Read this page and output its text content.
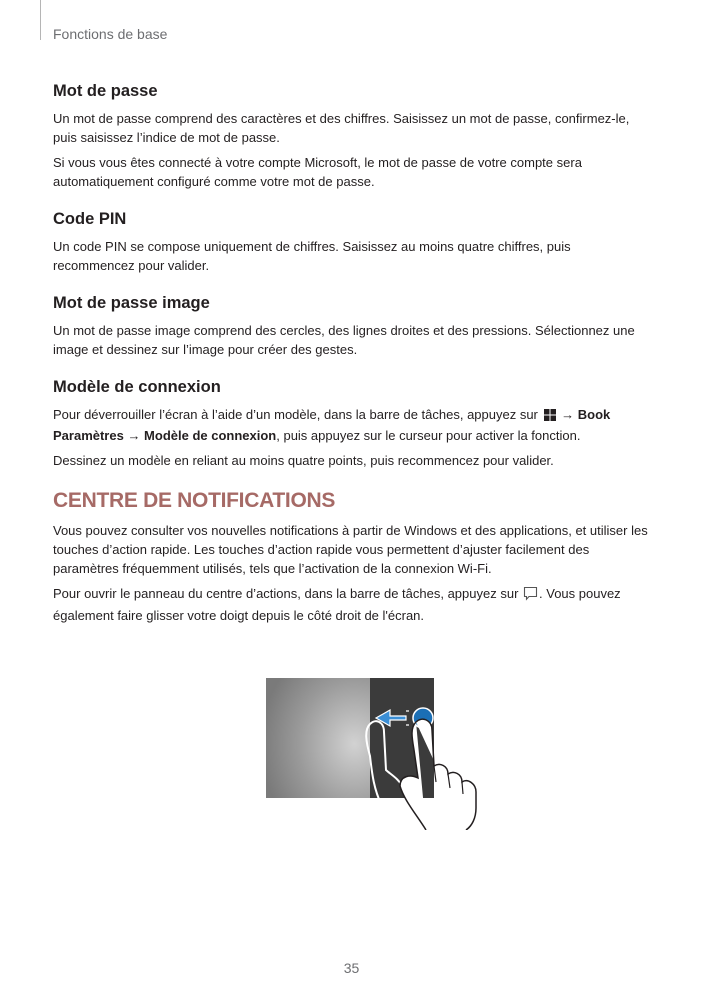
Fonctions de base
Mot de passe

Un mot de passe comprend des caractères et des chiffres. Saisissez un mot de passe, confirmez-le, puis saisissez l’indice de mot de passe.

Si vous vous êtes connecté à votre compte Microsoft, le mot de passe de votre compte sera automatiquement configuré comme votre mot de passe.

Code PIN

Un code PIN se compose uniquement de chiffres. Saisissez au moins quatre chiffres, puis recommencez pour valider.

Mot de passe image

Un mot de passe image comprend des cercles, des lignes droites et des pressions. Sélectionnez une image et dessinez sur l’image pour créer des gestes.

Modèle de connexion

Pour déverrouiller l’écran à l’aide d’un modèle, dans la barre de tâches, appuyez sur  → Book Paramètres → Modèle de connexion, puis appuyez sur le curseur pour activer la fonction.

Dessinez un modèle en reliant au moins quatre points, puis recommencez pour valider.

CENTRE DE NOTIFICATIONS

Vous pouvez consulter vos nouvelles notifications à partir de Windows et des applications, et utiliser les touches d’action rapide. Les touches d’action rapide vous permettent d’ajuster facilement des paramètres fréquemment utilisés, tels que l’activation de la connexion Wi-Fi.

Pour ouvrir le panneau du centre d’actions, dans la barre de tâches, appuyez sur . Vous pouvez également faire glisser votre doigt depuis le côté droit de l'écran.

35
